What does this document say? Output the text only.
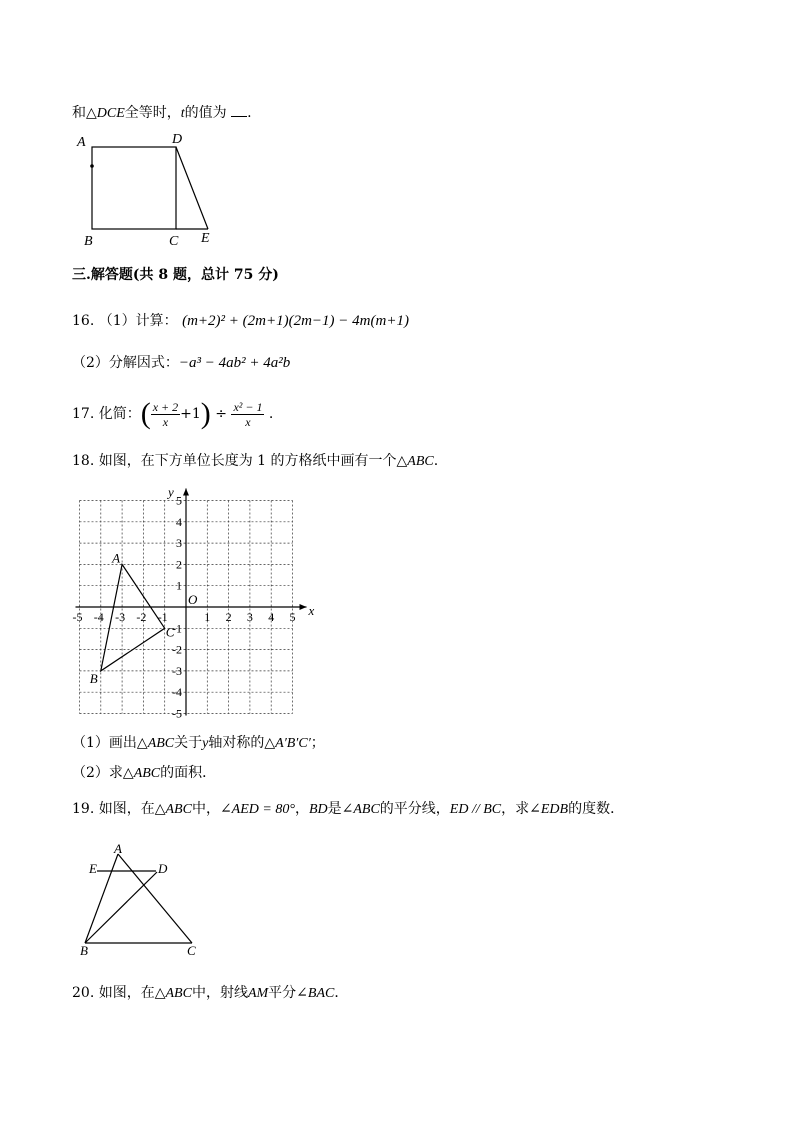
和△DCE全等时，t的值为 .
A	D
B	C E
三.解答题(共 8 题，总计 75 分)
16. （1）计算： (m+2)² + (2m+1)(2m−1) − 4m(m+1)
（2）分解因式：−a³ − 4ab² + 4a²b
17. 化简：( $\frac{x + 2}{x} +1) \div \frac{\text{x² − 1}}{x}$ .
18. 如图，在下方单位长度为 1 的方格纸中画有一个△ABC.
-5 -4 -3 -2 -1	1 2 3 4 5
5
4
3
2
1
-1
-2
-3
-4
-5
y
x
O
A
B
C
（1）画出△ABC关于y轴对称的△A′B′C′；
（2）求△ABC的面积．
19. 如图，在△ABC中，∠AED = 80°，BD是∠ABC的平分线，ED // BC，求∠EDB的度数．
A
E	D
B	C
20. 如图，在△ABC中，射线AM平分∠BAC．
